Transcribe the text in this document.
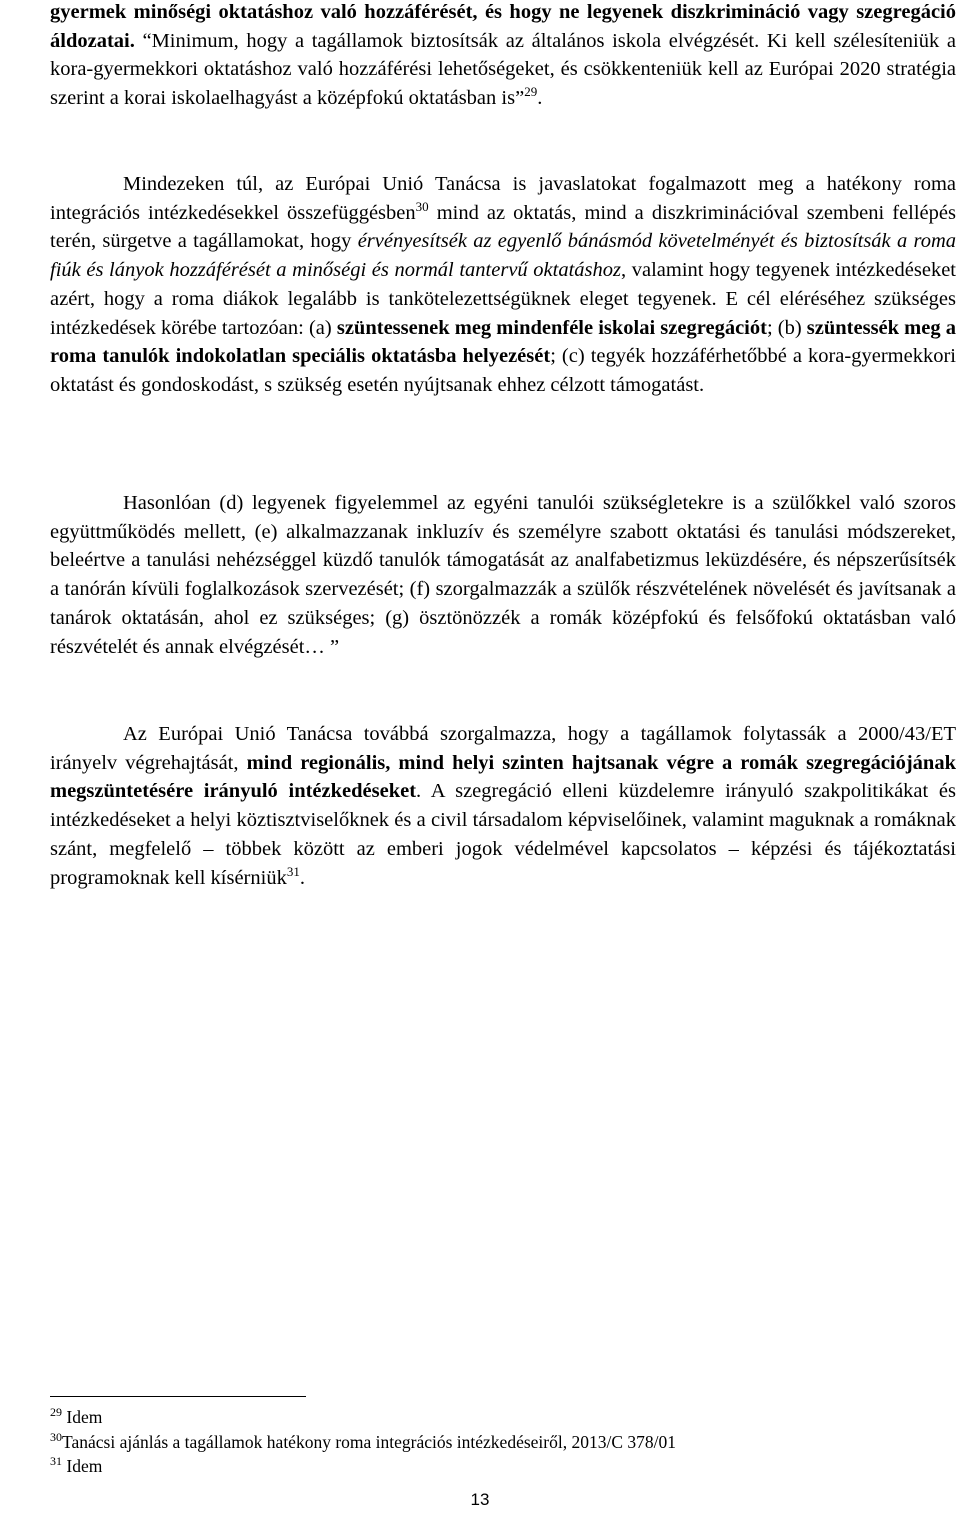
gyermek minőségi oktatáshoz való hozzáférését, és hogy ne legyenek diszkrimináció vagy szegregáció áldozatai. “Minimum, hogy a tagállamok biztosítsák az általános iskola elvégzését. Ki kell szélesíteniük a kora-gyermekkori oktatáshoz való hozzáférési lehetőségeket, és csökkenteniük kell az Európai 2020 stratégia szerint a korai iskolaelhagyást a középfokú oktatásban is”$^{29}$.

Mindezeken túl, az Európai Unió Tanácsa is javaslatokat fogalmazott meg a hatékony roma integrációs intézkedésekkel összefüggésben$^{30}$ mind az oktatás, mind a diszkriminációval szembeni fellépés terén, sürgetve a tagállamokat, hogy érvényesítsék az egyenlő bánásmód követelményét és biztosítsák a roma fiúk és lányok hozzáférését a minőségi és normál tantervű oktatáshoz, valamint hogy tegyenek intézkedéseket azért, hogy a roma diákok legalább is tankötelezettségüknek eleget tegyenek. E cél eléréséhez szükséges intézkedések körébe tartozóan: (a) szüntessenek meg mindenféle iskolai szegregációt; (b) szüntessék meg a roma tanulók indokolatlan speciális oktatásba helyezését; (c) tegyék hozzáférhetőbbé a kora-gyermekkori oktatást és gondoskodást, s szükség esetén nyújtsanak ehhez célzott támogatást.

Hasonlóan (d) legyenek figyelemmel az egyéni tanulói szükségletekre is a szülőkkel való szoros együttműködés mellett, (e) alkalmazzanak inkluzív és személyre szabott oktatási és tanulási módszereket, beleértve a tanulási nehézséggel küzdő tanulók támogatását az analfabetizmus leküzdésére, és népszerűsítsék a tanórán kívüli foglalkozások szervezését; (f) szorgalmazzák a szülők részvételének növelését és javítsanak a tanárok oktatásán, ahol ez szükséges; (g) ösztönözzék a romák középfokú és felsőfokú oktatásban való részvételét és annak elvégzését… ”

Az Európai Unió Tanácsa továbbá szorgalmazza, hogy a tagállamok folytassák a 2000/43/ET irányelv végrehajtását, mind regionális, mind helyi szinten hajtsanak végre a romák szegregációjának megszüntetésére irányuló intézkedéseket. A szegregáció elleni küzdelemre irányuló szakpolitikákat és intézkedéseket a helyi köztisztviselőknek és a civil társadalom képviselőinek, valamint maguknak a romáknak szánt, megfelelő – többek között az emberi jogok védelmével kapcsolatos – képzési és tájékoztatási programoknak kell kísérniük$^{31}$.

$^{29}$ Idem
$^{30}$Tanácsi ajánlás a tagállamok hatékony roma integrációs intézkedéseiről, 2013/C 378/01
$^{31}$ Idem
13
